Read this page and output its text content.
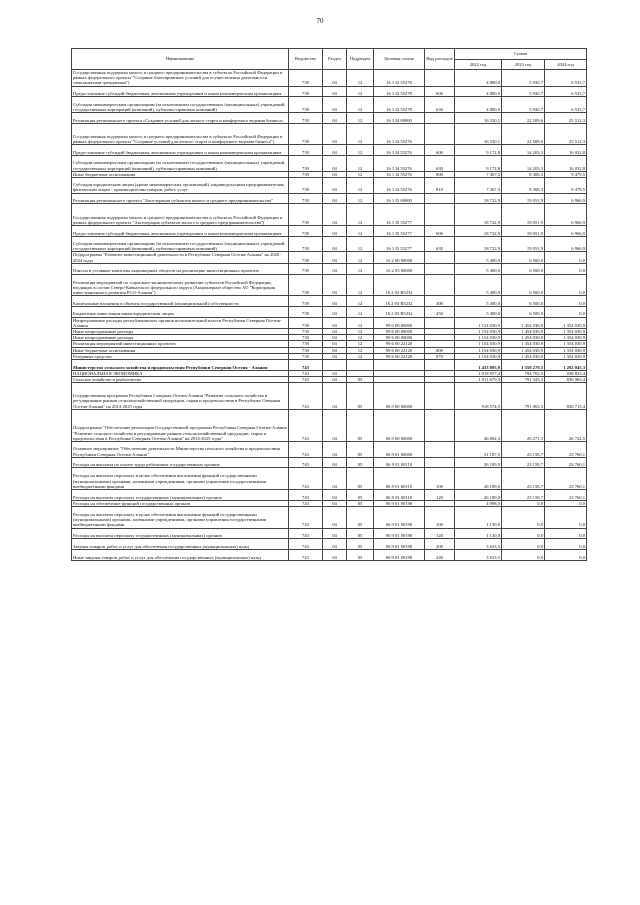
70
Наименование	Ведомство	Раздел	Подраздел	Целевая статья	Вид расходов	Сумма		
						2022 год	2023 год	2024 год
Государственная поддержка малого и среднего предпринимательства в субъектах Российской Федерации в рамках федерального проекта "Создание благоприятных условий для осуществления деятельности самозанятыми гражданами")	739	04	12	16 1 I2 55278		4 880,0	5 930,7	6 533,7
Предоставление субсидий бюджетным, автономным учреждениям и иным некоммерческим организациям	739	04	12	16 1 I2 55278	600	4 880,0	5 930,7	6 533,7
Субсидии некоммерческим организациям (за исключением государственных (муниципальных) учреждений, государственных корпораций (компаний), публично-правовых компаний)	739	04	12	16 1 I2 55278	630	4 880,0	5 930,7	6 533,7
Реализация регионального проекта «Создание условий для легкого старта и комфортного ведения бизнеса»	739	04	12	16 1 I4 00000		16 530,1	22 509,6	25 512,3
Государственная поддержка малого и среднего предпринимательства в субъектах Российской Федерации в рамках федерального проекта "Создание условий для легкого старта и комфортного ведения бизнеса")	739	04	12	16 1 I4 55276		16 530,1	22 509,6	25 512,3
Предоставление субсидий бюджетным, автономным учреждениям и иным некоммерческим организациям	739	04	12	16 1 I4 55276	600	9 172,8	14 203,3	16 032,8
Субсидии некоммерческим организациям (за исключением государственных (муниципальных) учреждений, государственных корпораций (компаний), публично-правовых компаний)	739	04	12	16 1 I4 55276	630	9 172,8	14 203,3	16 032,8
Иные бюджетные ассигнования	739	04	12	16 1 I4 55276	800	7 367,3	8 306,3	9 479,5
Субсидии юридическим лицам (кроме некоммерческих организаций), индивидуальным предпринимателям, физическим лицам - производителям товаров, работ, услуг	739	04	12	16 1 I4 55276	810	7 367,3	8 306,3	9 479,5
Реализация регионального проекта "Акселерация субъектов малого и среднего предпринимательства"	739	04	12	16 1 I5 00000		18 722,9	19 051,9	6 966,9
Государственная поддержка малого и среднего предпринимательства в субъектах Российской Федерации в рамках федерального проекта "Акселерация субъектов малого и среднего предпринимательства")	739	04	12	16 1 I5 55277		18 722,9	19 051,9	6 966,9
Предоставление субсидий бюджетным, автономным учреждениям и иным некоммерческим организациям	739	04	12	16 1 I5 55277	600	18 722,9	19 051,9	6 966,9
Субсидии некоммерческим организациям (за исключением государственных (муниципальных) учреждений, государственных корпораций (компаний), публично-правовых компаний)	739	04	12	16 1 I5 55277	630	18 722,9	19 051,9	6 966,9
Подпрограмма "Развитие инвестиционной деятельности в Республике Северная Осетия-Алания" на 2020 - 2024 годы	739	04	12	16 2 00 00000		5 400,0	6 500,0	0,0
Взносы в уставные капиталы акционерных обществ на реализацию инвестиционных проектов	739	04	12	16 2 03 00000		5 400,0	6 500,0	0,0
Реализация мероприятий по социально-экономическому развитию субъектов Российской Федерации, входящих в состав Северо-Кавказского федерального округа (Акционерное общество АО "Корпорация инвестиционного развития РСО-Алания")	739	04	12	16 2 03 R5232		5 400,0	6 500,0	0,0
Капитальные вложения в объекты государственной (муниципальной) собственности	739	04	12	16 2 03 R5232	400	5 400,0	6 500,0	0,0
Бюджетные инвестиции иным юридическим лицам	739	04	12	16 2 03 R5232	450	5 400,0	6 500,0	0,0
Непрограммные расходы республиканских органов исполнительной власти Республики Северная Осетия-Алания	739	04	12	99 0 00 00000		1 154 030,9	1 454 030,9	1 354 030,9
Иные непрограммные расходы	739	04	12	99 6 00 00000		1 154 030,9	1 454 030,9	1 354 030,9
Иные непрограммные расходы	739	04	12	99 6 00 00000		1 154 030,9	1 454 030,9	1 354 030,9
Реализация мероприятий инвестиционных проектов	739	04	12	99 6 00 22120		1 154 030,9	1 454 030,9	1 354 030,9
Иные бюджетные ассигнования	739	04	12	99 6 00 22120	800	1 154 030,9	1 454 030,9	1 354 030,9
Резервные средства	739	04	12	99 6 00 22120	870	1 154 030,9	1 454 030,9	1 354 030,9
Министерство сельского хозяйства и продовольствия Республики Северная Осетия - Алания	743					1 433 805,9	1 358 279,5	1 282 045,3
НАЦИОНАЛЬНАЯ ЭКОНОМИКА	743	04				1 018 957,4	794 702,5	838 833,4
Сельское хозяйство и рыболовство	743	04	05			1 011 679,3	791 343,3	836 965,4
Государственная программа Республики Северная Осетия-Алания "Развитие сельского хозяйства и регулирование рынков сельскохозяйственной продукции, сырья и продовольствия в Республике Северная Осетия-Алания" на 2014-2025 годы	743	04	05	06 0 00 00000		918 574,5	791 063,3	836 715,4
Подпрограмма "Обеспечение реализации Государственной программы Республики Северная Осетия-Алания "Развитие сельского хозяйства и регулирование рынков сельскохозяйственной продукции, сырья и продовольствия в Республике Северная Осетия-Алания" на 2014-2025 годы"	743	04	05	06 9 00 00000		46 682,3	26 271,3	26 722,5
Основное мероприятие "Обеспечение деятельности Министерства сельского хозяйства и продовольствия Республики Северная Осетия-Алания"	743	04	05	06 9 01 00000		31 187,5	23 158,7	23 760,1
Расходы на выплаты по оплате труда работников государственных органов	743	04	05	06 9 01 00110		26 189,0	23 158,7	23 760,1
Расходы на выплаты персоналу в целях обеспечения выполнения функций государственными (муниципальными) органами, казенными учреждениями, органами управления государственными внебюджетными фондами	743	04	05	06 9 01 00110	100	26 189,0	23 158,7	23 760,1
Расходы на выплаты персоналу государственных (муниципальных) органов	743	04	05	06 9 01 00110	120	26 189,0	23 158,7	23 760,1
Расходы на обеспечение функций государственных органов	743	04	05	06 9 01 00190		4 998,5	0,0	0,0
Расходы на выплаты персоналу в целях обеспечения выполнения функций государственными (муниципальными) органами, казенными учреждениями, органами управления государственными внебюджетными фондами	743	04	05	06 9 01 00190	100	1 130,0	0,0	0,0
Расходы на выплаты персоналу государственных (муниципальных) органов	743	04	05	06 9 01 00190	120	1 130,0	0,0	0,0
Закупка товаров, работ и услуг для обеспечения государственных (муниципальных) нужд	743	04	05	06 9 01 00190	200	3 633,5	0,0	0,0
Иные закупки товаров, работ и услуг для обеспечения государственных (муниципальных) нужд	743	04	05	06 9 01 00190	240	3 633,5	0,0	0,0
